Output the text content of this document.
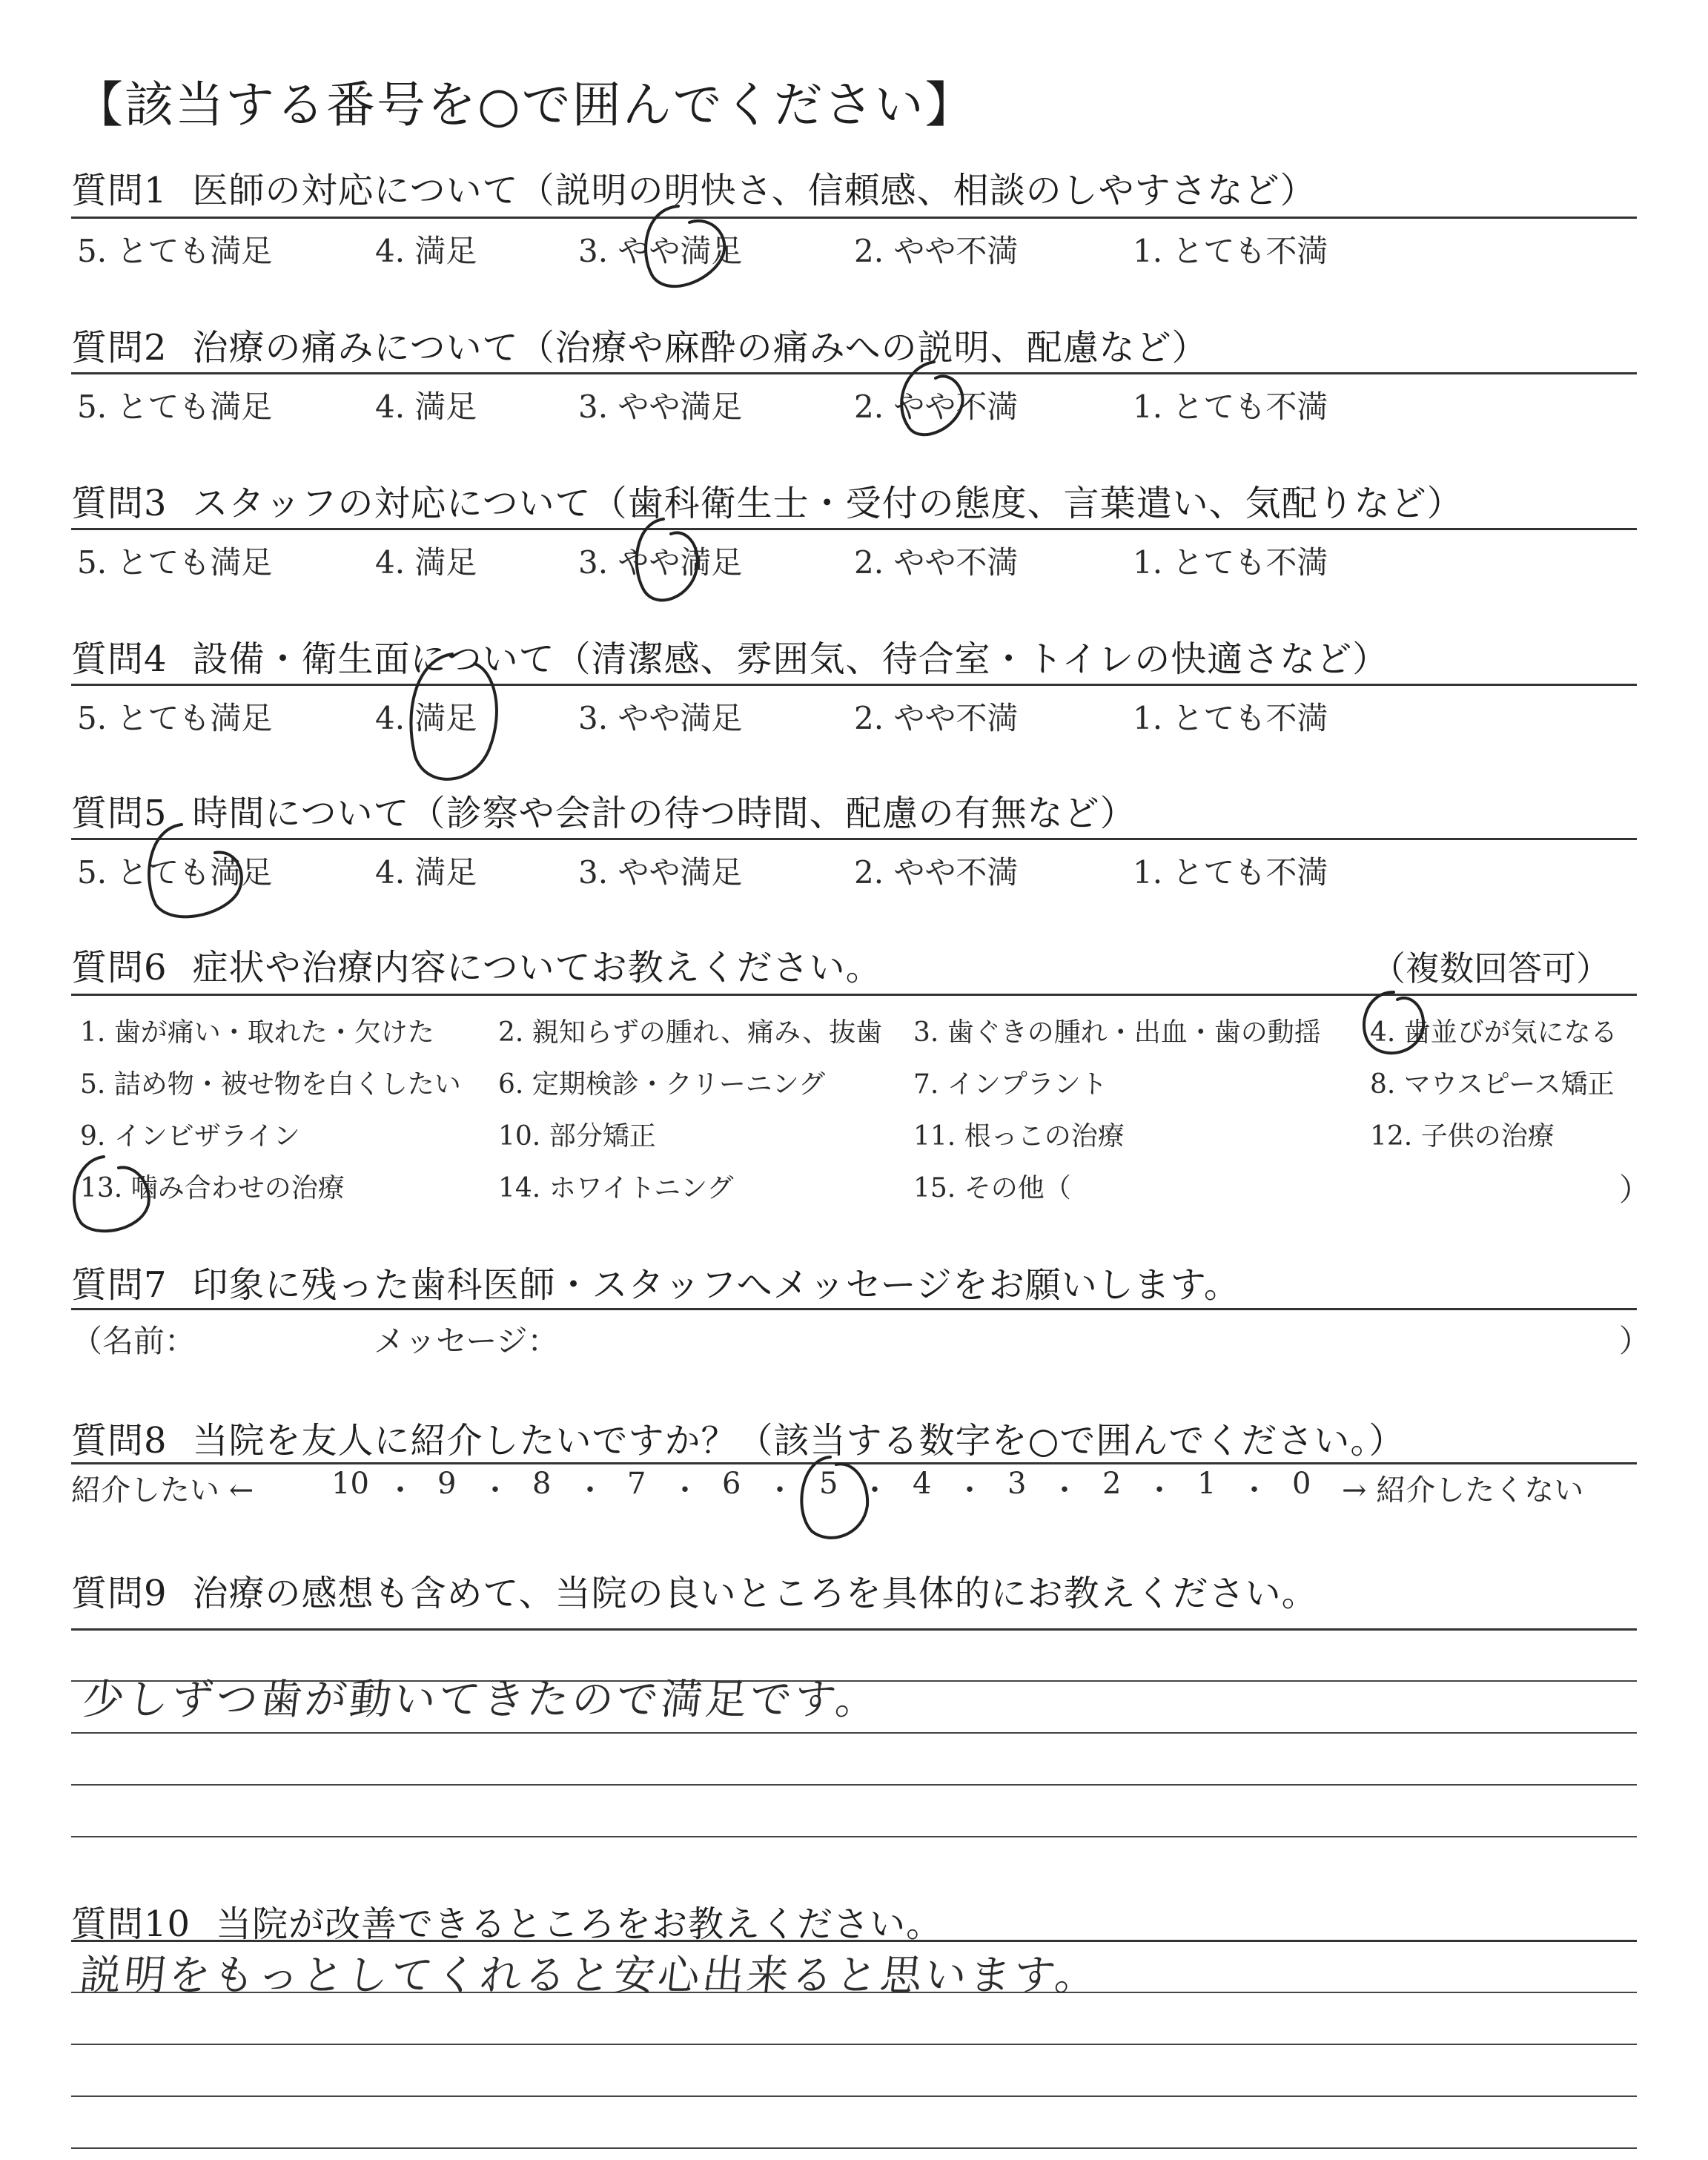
【該当する番号を○で囲んでください】
質問1 医師の対応について（説明の明快さ、信頼感、相談のしやすさなど）
5. とても満足	4. 満足	3. やや満足	2. やや不満	1. とても不満
質問2 治療の痛みについて（治療や麻酔の痛みへの説明、配慮など）
5. とても満足	4. 満足	3. やや満足	2. やや不満	1. とても不満
質問3 スタッフの対応について（歯科衛生士・受付の態度、言葉遣い、気配りなど）
5. とても満足	4. 満足	3. やや満足	2. やや不満	1. とても不満
質問4 設備・衛生面について（清潔感、雰囲気、待合室・トイレの快適さなど）
5. とても満足	4. 満足	3. やや満足	2. やや不満	1. とても不満
質問5 時間について（診察や会計の待つ時間、配慮の有無など）
5. とても満足	4. 満足	3. やや満足	2. やや不満	1. とても不満
質問6 症状や治療内容についてお教えください。	（複数回答可）
1. 歯が痛い・取れた・欠けた 2. 親知らずの腫れ、痛み、抜歯 3. 歯ぐきの腫れ・出血・歯の動揺 4. 歯並びが気になる
5. 詰め物・被せ物を白くしたい 6. 定期検診・クリーニング	7. インプラント	8. マウスピース矯正
9. インビザライン	10. 部分矯正	11. 根っこの治療	12. 子供の治療
13. 噛み合わせの治療	14. ホワイトニング	15. その他（	）
質問7 印象に残った歯科医師・スタッフへメッセージをお願いします。
（名前：	メッセージ：	）
質問8 当院を友人に紹介したいですか？（該当する数字を○で囲んでください。）
紹介したい ←	10 9	8	7	6	5	4	3	2	1	0
・ ・ ・ ・ ・ ・ ・ ・ ・ ・ → 紹介したくない
質問9 治療の感想も含めて、当院の良いところを具体的にお教えください。
少しずつ歯が動いてきたので満足です。
質問10 当院が改善できるところをお教えください。
説明をもっとしてくれると安心出来ると思います。
